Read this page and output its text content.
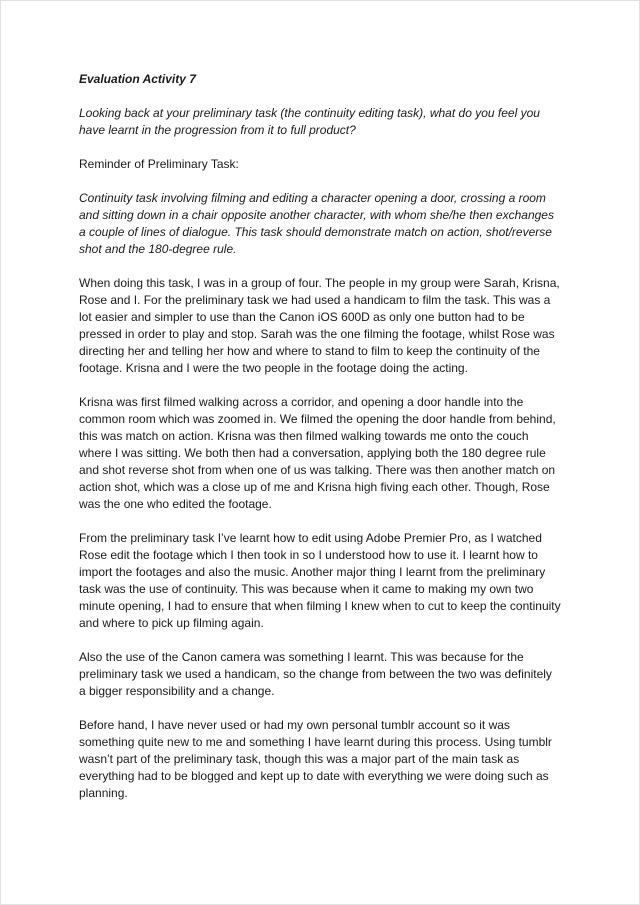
Evaluation Activity 7

Looking back at your preliminary task (the continuity editing task), what do you feel you have learnt in the progression from it to full product?

Reminder of Preliminary Task:

Continuity task involving filming and editing a character opening a door, crossing a room and sitting down in a chair opposite another character, with whom she/he then exchanges a couple of lines of dialogue. This task should demonstrate match on action, shot/reverse shot and the 180-degree rule.

When doing this task, I was in a group of four. The people in my group were Sarah, Krisna, Rose and I. For the preliminary task we had used a handicam to film the task. This was a lot easier and simpler to use than the Canon iOS 600D as only one button had to be pressed in order to play and stop. Sarah was the one filming the footage, whilst Rose was directing her and telling her how and where to stand to film to keep the continuity of the footage. Krisna and I were the two people in the footage doing the acting.

Krisna was first filmed walking across a corridor, and opening a door handle into the common room which was zoomed in. We filmed the opening the door handle from behind, this was match on action. Krisna was then filmed walking towards me onto the couch where I was sitting. We both then had a conversation, applying both the 180 degree rule and shot reverse shot from when one of us was talking. There was then another match on action shot, which was a close up of me and Krisna high fiving each other. Though, Rose was the one who edited the footage.

From the preliminary task I’ve learnt how to edit using Adobe Premier Pro, as I watched Rose edit the footage which I then took in so I understood how to use it. I learnt how to import the footages and also the music. Another major thing I learnt from the preliminary task was the use of continuity. This was because when it came to making my own two minute opening, I had to ensure that when filming I knew when to cut to keep the continuity and where to pick up filming again.

Also the use of the Canon camera was something I learnt. This was because for the preliminary task we used a handicam, so the change from between the two was definitely a bigger responsibility and a change.

Before hand, I have never used or had my own personal tumblr account so it was something quite new to me and something I have learnt during this process. Using tumblr wasn’t part of the preliminary task, though this was a major part of the main task as everything had to be blogged and kept up to date with everything we were doing such as planning.
